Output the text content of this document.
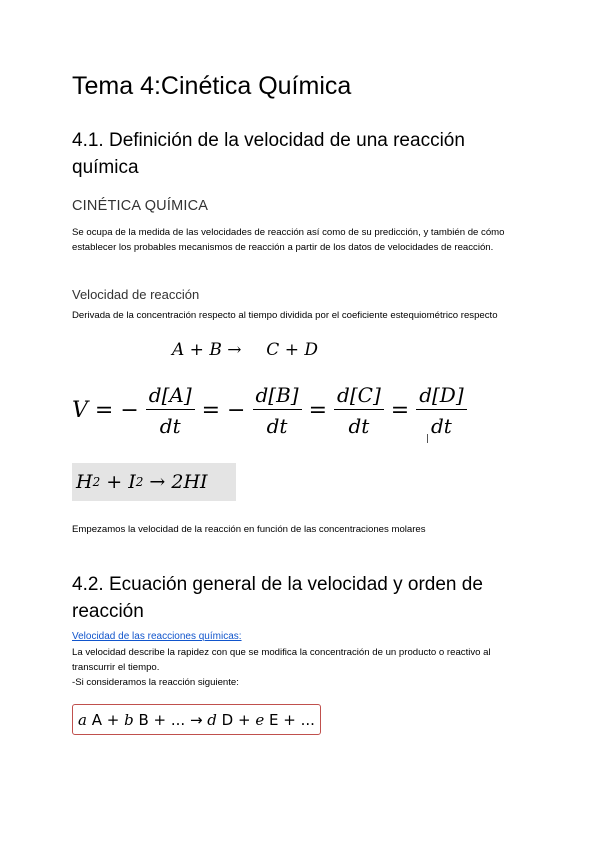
Tema 4:Cinética Química
4.1. Definición de la velocidad de una reacción química
CINÉTICA QUÍMICA
Se ocupa de la medida de las velocidades de reacción así como de su predicción, y también de cómo establecer los probables mecanismos de reacción a partir de los datos de velocidades de reacción.
Velocidad de reacción
Derivada de la concentración respecto al tiempo dividida por el coeficiente estequiométrico respecto
A + B → C + D
V = − $\frac{d[A]}{dt}$ = − $\frac{d[B]}{dt} = \frac{d[C]}{dt} = \frac{d[D]}{dt}$
H 2 + I 2 → 2HI
Empezamos la velocidad de la reacción en función de las concentraciones molares
4.2. Ecuación general de la velocidad y orden de reacción
Velocidad de las reacciones químicas:
La velocidad describe la rapidez con que se modifica la concentración de un producto o reactivo al transcurrir el tiempo.
-Si consideramos la reacción siguiente:
a A + b B + ... → d D + e E + ...
